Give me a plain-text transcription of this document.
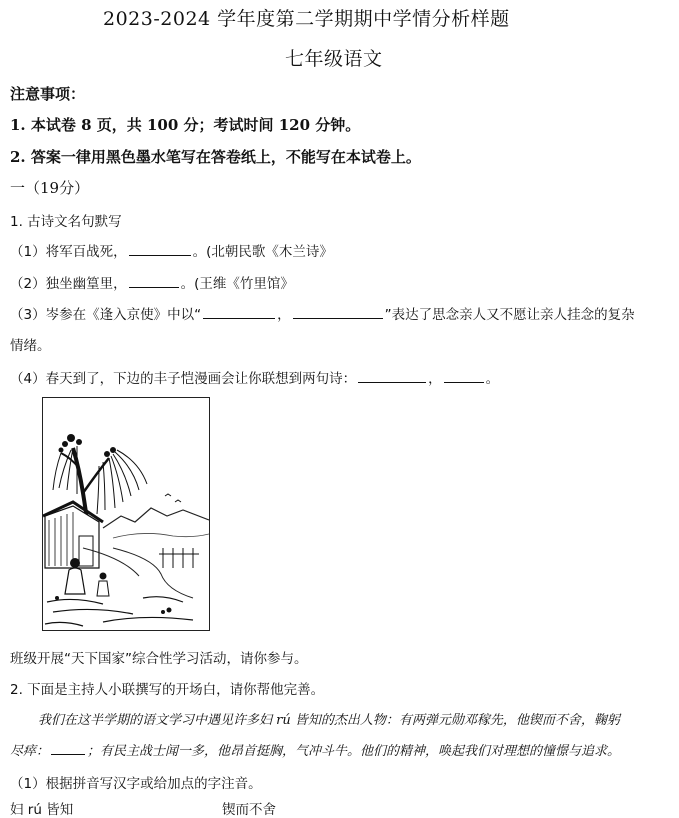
2023-2024 学年度第二学期期中学情分析样题
七年级语文
注意事项：
1. 本试卷 8 页，共 100 分；考试时间 120 分钟。
2. 答案一律用黑色墨水笔写在答卷纸上，不能写在本试卷上。
一（19分）
1. 古诗文名句默写
（1）将军百战死，	。(北朝民歌《木兰诗》
（2）独坐幽篁里，	。(王维《竹里馆》
（3）岑参在《逢入京使》中以“	，	”表达了思念亲人又不愿让亲人挂念的复杂
情绪。
（4）春天到了，下边的丰子恺漫画会让你联想到两句诗：	，	。
班级开展“天下国家”综合性学习活动，请你参与。
2. 下面是主持人小联撰写的开场白，请你帮他完善。
我们在这半学期的语文学习中遇见许多妇 rú 皆知的杰出人物：有两弹元勋邓稼先，他锲而不舍，鞠躬
尽瘁：	；有民主战士闻一多，他昂首挺胸，气冲斗牛。他们的精神，唤起我们对理想的憧憬与追求。
（1）根据拼音写汉字或给加点的字注音。
妇 rú 皆知	锲而不舍
